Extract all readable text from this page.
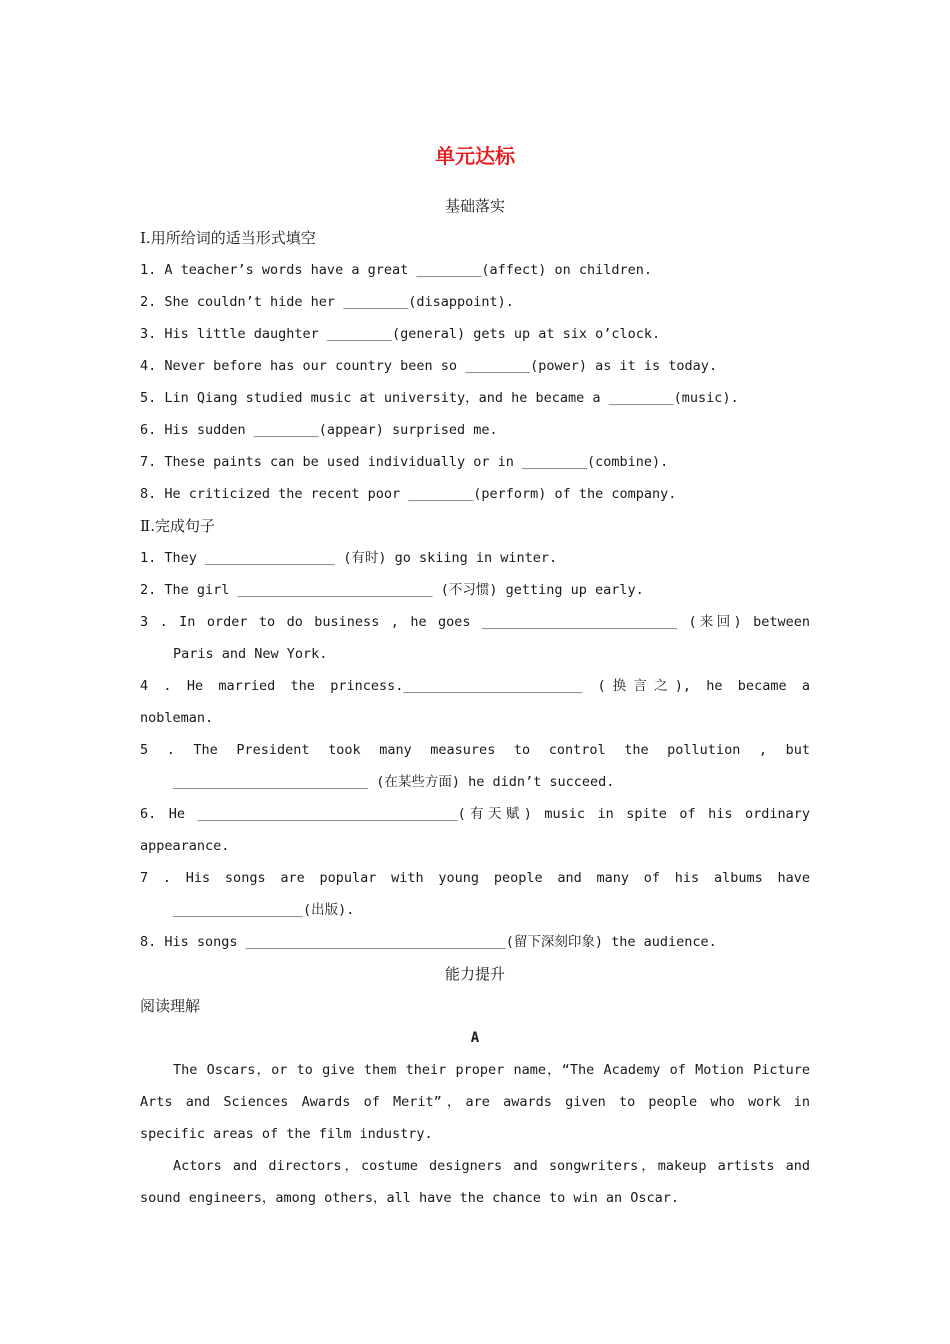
单元达标
基础落实
Ⅰ.用所给词的适当形式填空
1. A teacher’s words have a great ________(affect) on children.
2. She couldn’t hide her ________(disappoint).
3. His little daughter ________(general) gets up at six o’clock.
4. Never before has our country been so ________(power) as it is today.
5. Lin Qiang studied music at university，and he became a ________(music).
6. His sudden ________(appear) surprised me.
7. These paints can be used individually or in ________(combine).
8. He criticized the recent poor ________(perform) of the company.
Ⅱ.完成句子
1. They ________________ (有时) go skiing in winter.
2. The girl ________________________ (不习惯) getting up early.
3 . In order to do business , he goes ________________________ (来回) between
Paris and New York.
4 . He married the princess.______________________ (换言之), he became a
nobleman.
5 . The President took many measures to control the pollution , but
________________________ (在某些方面) he didn’t succeed.
6. He ________________________________(有天赋) music in spite of his ordinary
appearance.
7 . His songs are popular with young people and many of his albums have
________________(出版).
8. His songs ________________________________(留下深刻印象) the audience.
能力提升
阅读理解
A
The Oscars，or to give them their proper name，“The Academy of Motion Picture Arts and Sciences Awards of Merit”，are awards given to people who work in specific areas of the film industry.
Actors and directors，costume designers and songwriters，makeup artists and sound engineers，among others，all have the chance to win an Oscar.
